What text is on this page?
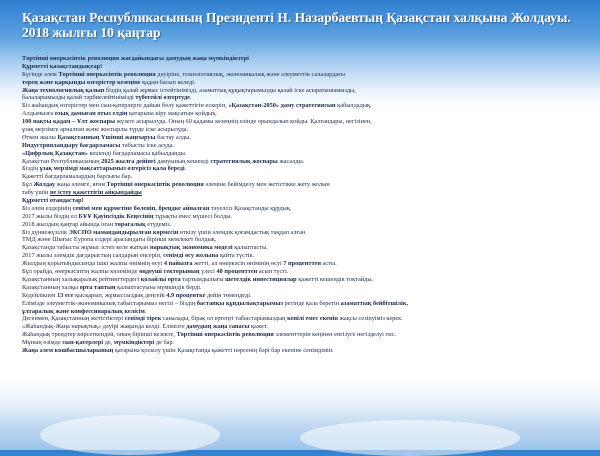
Қазақстан Республикасының Президенті Н. Назарбаевтың Қазақстан халқына Жолдауы.
2018 жылғы 10 қаңтар
Төртінші өнеркәсіптік революция жағдайындағы дамудың жаңа мүмкіндіктері
Құрметті қазақстандықтар!
Бүгінде әлем Төртінші өнеркәсіптік революция дәуіріне, технологиялық, экономикалық және әлеуметтік салалардағы
терең және қарқынды өзгерістер кезеңіне қадам басып келеді.
Жаңа технологиялық қалып біздің қалай жұмыс істейтінімізді, азаматтық құқықтарымызды қалай іске асыратынымызды,
балаларымызды қалай тәрбиелейтінімізді түбегейлі өзгертуде.
Біз жаһандық өзгерістер мен сын-қатерлерге дайын болу қажеттігін ескеріп, «Қазақстан-2050» даму стратегиясын қабылдадық.
Алдымызға озық дамыған отыз елдің қатарына кіру мақсатын қойдық.
100 нақты қадам – Ұлт жоспары жүзеге асырылуда. Оның 60 қадамы кезеңнің өзінде орындалып қойды. Қалғандары, негізінен,
ұзақ мерзімге арналған және жоспарлы түрде іске асырылуда.
Өткен жылы Қазақстанның Үшінші жаңғыруы бастау алды.
Индустрияландыру бағдарламасы табысты іске асуда.
«Цифрлық Қазақстан» кешенді бағдарламасы қабылданды.
Қазақстан Республикасының 2025 жылға дейінгі дамуының кешенді стратегиялық жоспары жасалды.
Біздің ұзақ мерзімді мақсаттарымыз өзгерісіз қала береді.
Қажетті бағдарламалардың барлығы бар.
Бұл Жолдау жаңа әлемге, яғни Төртінші өнеркәсіптік революция әлеміне бейімделу мен жетістікке жету жолын
табу үшін не істеу қажеттігін айқындайды
Құрметті отандастар!
Біз әлем елдерінің сенімі мен құрметіне бөленіп, бреңдке айналған тәуелсіз Қазақстанды құрдық.
2017 жылы біздің ел БҰҰ Қауіпсіздік Кеңесінің тұрақты емес мүшесі болды.
2018 жылдың қаңтар айында оған төрағалық етудеміз.
Біз дүниежүзілік ЭКСПО мамандандырылған көрмесін өткізу үшін әлемдік қоғамдастық таңдап алған
ТМД және Шығыс Еуропа елдері арасындағы бірінші мемлекет болдық.
Қазақстанда табысты жұмыс істеп келе жатқан нарықтық экономика моделі қалыптасты.
2017 жылы әлемдік дағдарыстың салдарын еңсеріп, сенімді өсу жолына қайта түстік.
Жылдың қорытындысында ішкі жалпы өнімнің өсуі 4 пайызға жетті, ал өнеркәсіп өнімінің өсуі 7 проценттен асты.
Бұл орайда, өнеркәсіптің жалпы көлемінде өңдеуші секторының үлесі 40 проценттен асып түсті.
Қазақстанның халықаралық рейтингтердегі қолайлы орта тартымдылығы шетелдік инвестициялар қажетті кешендік тоқтайды.
Қазақстанның халқы орта таптың қалыптасуына мүмкіндік берді.
Кедейлікпен 13 есе қысқарып, жұмыссыздық деңгейі 4,9 процентке дейін төмендеді.
Елімізде әлеуметтік-экономикалық табыстарымыз негізі – біздің бастапқы құндылықтарымыз ретінде қала беретін азаматтық бейбітшілік,
ұлтаралық және конфессияаралық келісім.
Дегенмен, Қазақстанның жетістіктері сенімді тірек саналады, бірақ ол ертеңгі табыстарымыздың кепілі емес екенін жақсы сезінуіміз керек.
«Жаһандық-Жаңа нарықтық» дәуірі жақында келді. Елімізге дамудың жаңа сапасы қажет.
Жаһандық трендтер көрсеткендей, оның бірінші кезекте, Төртінші өнеркәсіптік революция элементтерін кеңінен енгізуге негізделуі тис.
Мұның өзімде сын-қатерлері де, мүмкіндіктері де бар.
Жаңа әлем көшбасшыларының қатарына қосылу үшін Қазақстанда қажетті нәрсенің бәрі бар екеніне сенімдімін.
